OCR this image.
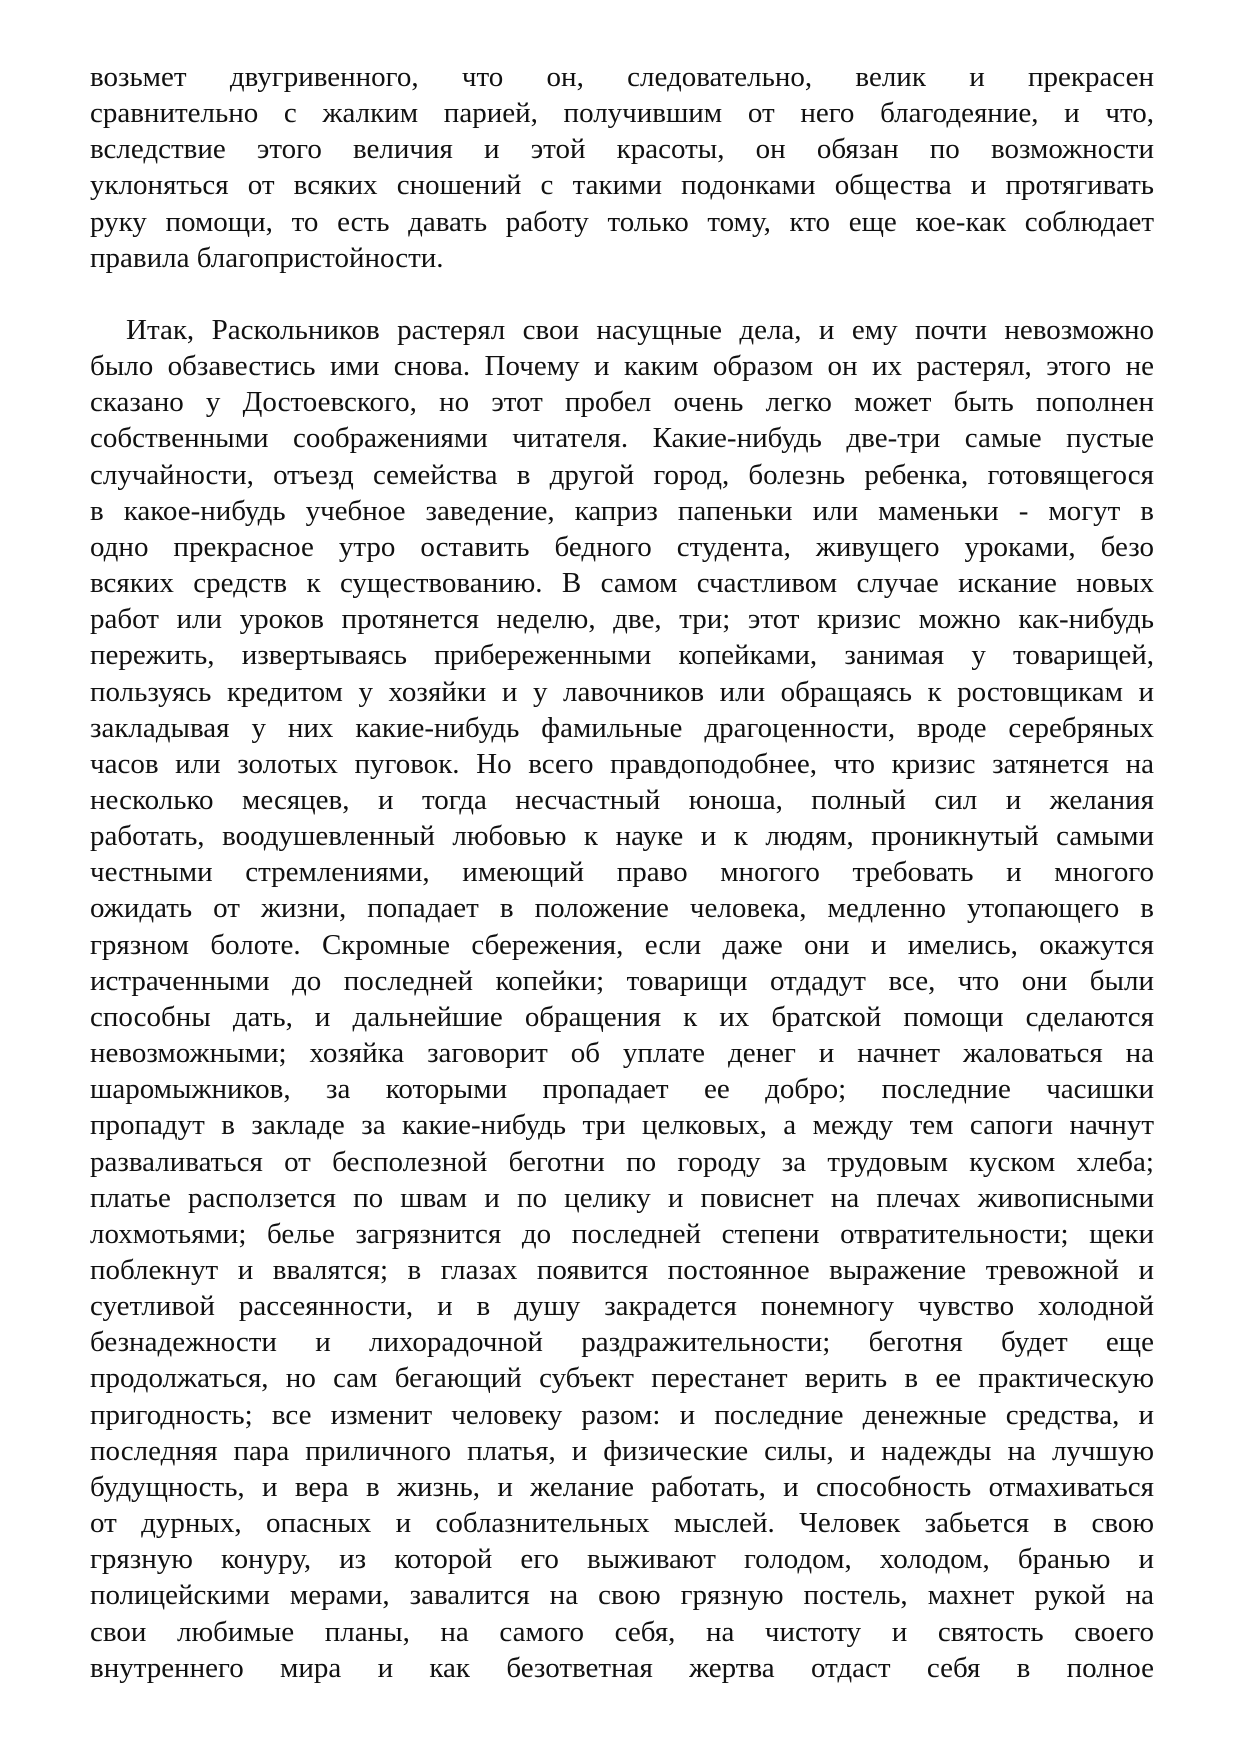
возьмет двугривенного, что он, следовательно, велик и прекрасен
сравнительно с жалким парией, получившим от него благодеяние, и что,
вследствие этого величия и этой красоты, он обязан по возможности
уклоняться от всяких сношений с такими подонками общества и протягивать
руку помощи, то есть давать работу только тому, кто еще кое-как соблюдает
правила благопристойности.
Итак, Раскольников растерял свои насущные дела, и ему почти невозможно
было обзавестись ими снова. Почему и каким образом он их растерял, этого не
сказано у Достоевского, но этот пробел очень легко может быть пополнен
собственными соображениями читателя. Какие-нибудь две-три самые пустые
случайности, отъезд семейства в другой город, болезнь ребенка, готовящегося
в какое-нибудь учебное заведение, каприз папеньки или маменьки - могут в
одно прекрасное утро оставить бедного студента, живущего уроками, безо
всяких средств к существованию. В самом счастливом случае искание новых
работ или уроков протянется неделю, две, три; этот кризис можно как-нибудь
пережить, извертываясь прибереженными копейками, занимая у товарищей,
пользуясь кредитом у хозяйки и у лавочников или обращаясь к ростовщикам и
закладывая у них какие-нибудь фамильные драгоценности, вроде серебряных
часов или золотых пуговок. Но всего правдоподобнее, что кризис затянется на
несколько месяцев, и тогда несчастный юноша, полный сил и желания
работать, воодушевленный любовью к науке и к людям, проникнутый самыми
честными стремлениями, имеющий право многого требовать и многого
ожидать от жизни, попадает в положение человека, медленно утопающего в
грязном болоте. Скромные сбережения, если даже они и имелись, окажутся
истраченными до последней копейки; товарищи отдадут все, что они были
способны дать, и дальнейшие обращения к их братской помощи сделаются
невозможными; хозяйка заговорит об уплате денег и начнет жаловаться на
шаромыжников, за которыми пропадает ее добро; последние часишки
пропадут в закладе за какие-нибудь три целковых, а между тем сапоги начнут
разваливаться от бесполезной беготни по городу за трудовым куском хлеба;
платье расползется по швам и по целику и повиснет на плечах живописными
лохмотьями; белье загрязнится до последней степени отвратительности; щеки
поблекнут и ввалятся; в глазах появится постоянное выражение тревожной и
суетливой рассеянности, и в душу закрадется понемногу чувство холодной
безнадежности и лихорадочной раздражительности; беготня будет еще
продолжаться, но сам бегающий субъект перестанет верить в ее практическую
пригодность; все изменит человеку разом: и последние денежные средства, и
последняя пара приличного платья, и физические силы, и надежды на лучшую
будущность, и вера в жизнь, и желание работать, и способность отмахиваться
от дурных, опасных и соблазнительных мыслей. Человек забьется в свою
грязную конуру, из которой его выживают голодом, холодом, бранью и
полицейскими мерами, завалится на свою грязную постель, махнет рукой на
свои любимые планы, на самого себя, на чистоту и святость своего
внутреннего мира и как безответная жертва отдаст себя в полное
